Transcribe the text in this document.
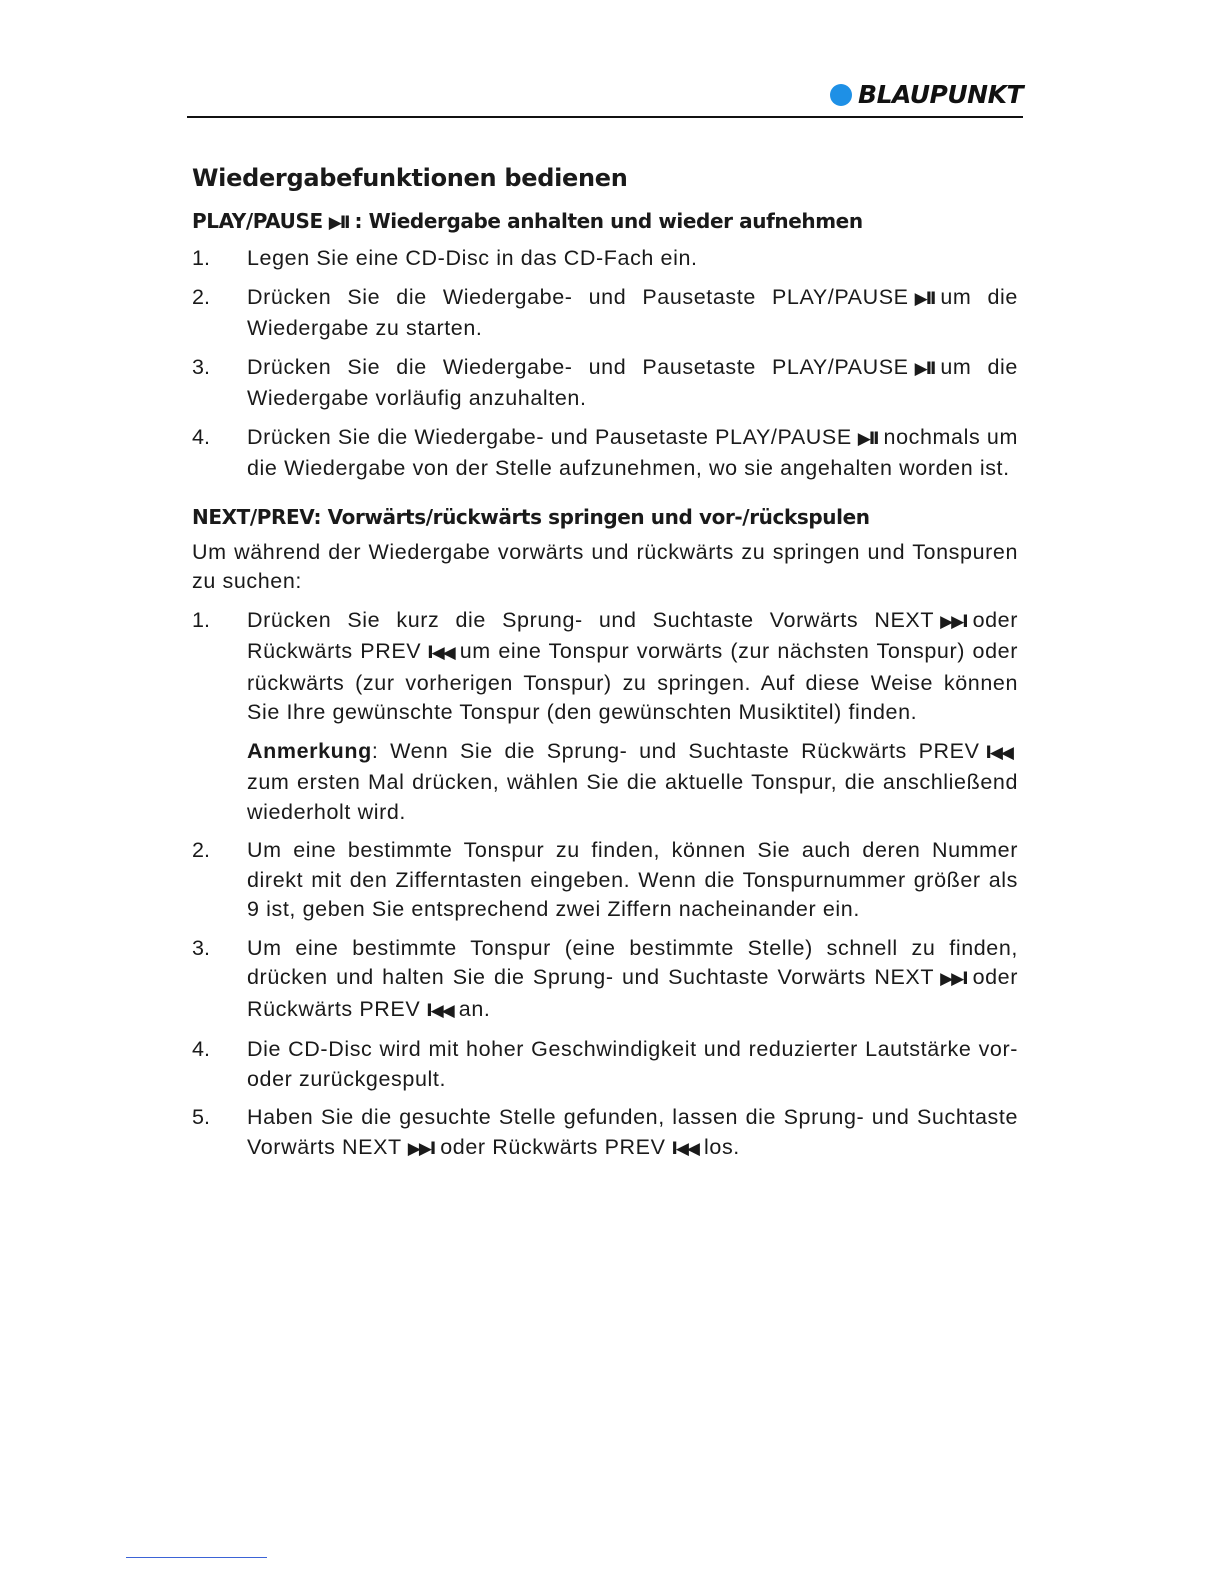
BLAUPUNKT
Wiedergabefunktionen bedienen
PLAY/PAUSE ▶II : Wiedergabe anhalten und wieder aufnehmen
1.	Legen Sie eine CD-Disc in das CD-Fach ein.
2.	Drücken Sie die Wiedergabe- und Pausetaste PLAY/PAUSE ▶II um die Wiedergabe zu starten.
3.	Drücken Sie die Wiedergabe- und Pausetaste PLAY/PAUSE ▶II um die Wiedergabe vorläufig anzuhalten.
4.	Drücken Sie die Wiedergabe- und Pausetaste PLAY/PAUSE ▶II nochmals um die Wiedergabe von der Stelle aufzunehmen, wo sie angehalten worden ist.
NEXT/PREV: Vorwärts/rückwärts springen und vor-/rückspulen

Um während der Wiedergabe vorwärts und rückwärts zu springen und Tonspuren zu suchen:

1.	Drücken Sie kurz die Sprung- und Suchtaste Vorwärts NEXT ▶▶I oder Rückwärts PREV I◀◀ um eine Tonspur vorwärts (zur nächsten Tonspur) oder rückwärts (zur vorherigen Tonspur) zu springen. Auf diese Weise können Sie Ihre gewünschte Tonspur (den gewünschten Musiktitel) finden.

Anmerkung: Wenn Sie die Sprung- und Suchtaste Rückwärts PREV I◀◀zum ersten Mal drücken, wählen Sie die aktuelle Tonspur, die anschließend wiederholt wird.

2.	Um eine bestimmte Tonspur zu finden, können Sie auch deren Nummer direkt mit den Zifferntasten eingeben. Wenn die Tonspurnummer größer als 9 ist, geben Sie entsprechend zwei Ziffern nacheinander ein.
3.	Um eine bestimmte Tonspur (eine bestimmte Stelle) schnell zu finden, drücken und halten Sie die Sprung- und Suchtaste Vorwärts NEXT ▶▶I oder Rückwärts PREV I◀◀ an.
4.	Die CD-Disc wird mit hoher Geschwindigkeit und reduzierter Lautstärke vor- oder zurückgespult.
5.	Haben Sie die gesuchte Stelle gefunden, lassen die Sprung- und Suchtaste Vorwärts NEXT ▶▶I oder Rückwärts PREV I◀◀ los.
